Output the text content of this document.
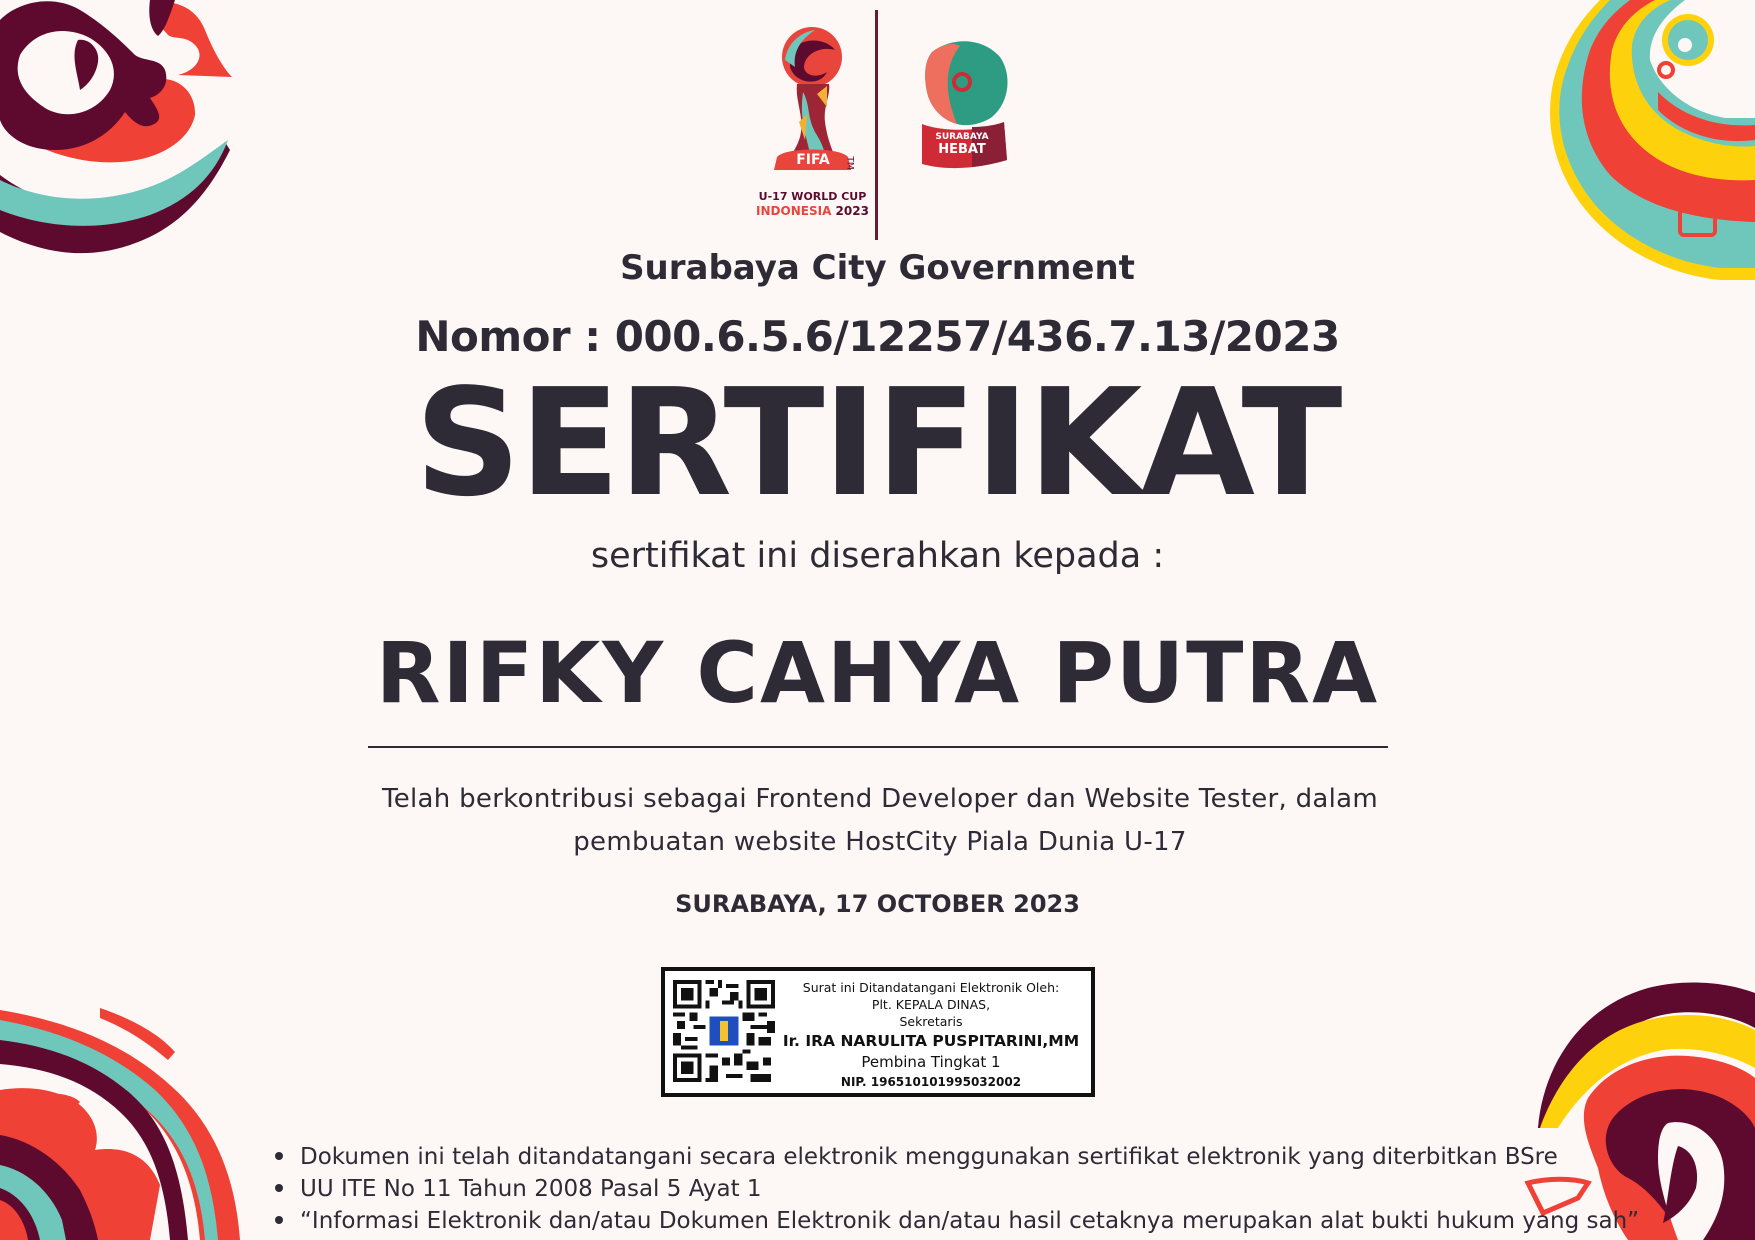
FIFA	TM
U-17 WORLD CUP
INDONESIA 2023
SURABAYA
HEBAT
Surabaya City Government
Nomor : 000.6.5.6/12257/436.7.13/2023
SERTIFIKAT
sertifikat ini diserahkan kepada :
RIFKY CAHYA PUTRA
Telah berkontribusi sebagai Frontend Developer dan Website Tester, dalam
pembuatan website HostCity Piala Dunia U-17
SURABAYA, 17 OCTOBER 2023
Surat ini Ditandatangani Elektronik Oleh:
Plt. KEPALA DINAS,
Sekretaris
Ir. IRA NARULITA PUSPITARINI,MM
Pembina Tingkat 1
NIP. 196510101995032002
Dokumen ini telah ditandatangani secara elektronik menggunakan sertifikat elektronik yang diterbitkan BSre
UU ITE No 11 Tahun 2008 Pasal 5 Ayat 1
“Informasi Elektronik dan/atau Dokumen Elektronik dan/atau hasil cetaknya merupakan alat bukti hukum yang sah”
